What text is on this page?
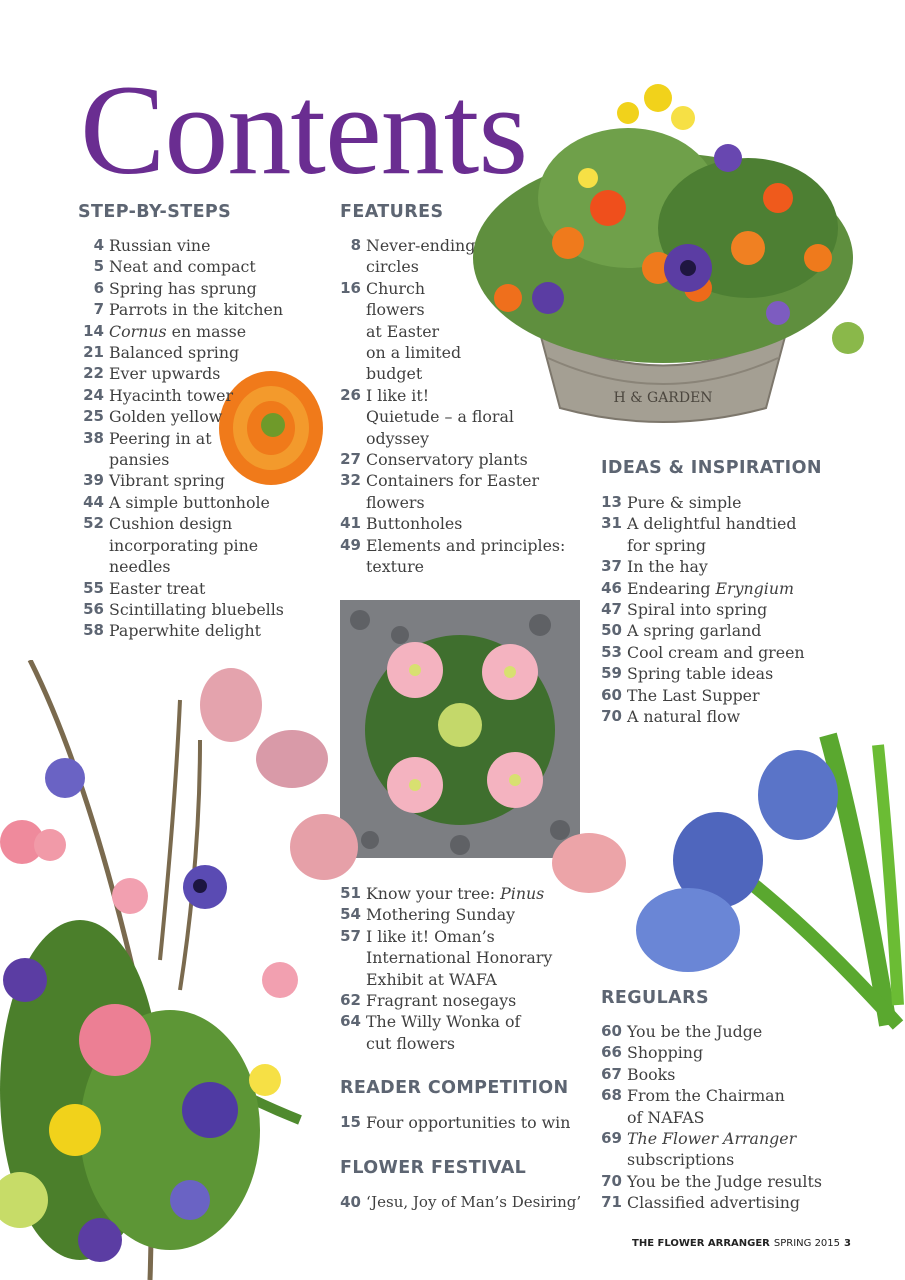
Contents
H & GARDEN
STEP-BY-STEPS
4 Russian vine
5 Neat and compact
6 Spring has sprung
7 Parrots in the kitchen
14 Cornus en masse
21 Balanced spring
22 Ever upwards
24 Hyacinth tower
25 Golden yellow
38 Peering in at
pansies
39 Vibrant spring
44 A simple buttonhole
52 Cushion design
incorporating pine
needles
55 Easter treat
56 Scintillating bluebells
58 Paperwhite delight
FEATURES
8 Never-ending
circles
16 Church
flowers
at Easter
on a limited
budget
26 I like it!
Quietude – a floral
odyssey
27 Conservatory plants
32 Containers for Easter
flowers
41 Buttonholes
49 Elements and principles:
texture
51 Know your tree: Pinus
54 Mothering Sunday
57 I like it! Oman’s
International Honorary
Exhibit at WAFA
62 Fragrant nosegays
64 The Willy Wonka of
cut flowers
READER COMPETITION
15 Four opportunities to win
FLOWER FESTIVAL
40 ‘Jesu, Joy of Man’s Desiring’
IDEAS & INSPIRATION
13 Pure & simple
31 A delightful handtied
for spring
37 In the hay
46 Endearing Eryngium
47 Spiral into spring
50 A spring garland
53 Cool cream and green
59 Spring table ideas
60 The Last Supper
70 A natural flow
REGULARS
60 You be the Judge
66 Shopping
67 Books
68 From the Chairman
of NAFAS
69 The Flower Arranger
subscriptions
70 You be the Judge results
71 Classified advertising
THE FLOWER ARRANGER SPRING 2015 3
